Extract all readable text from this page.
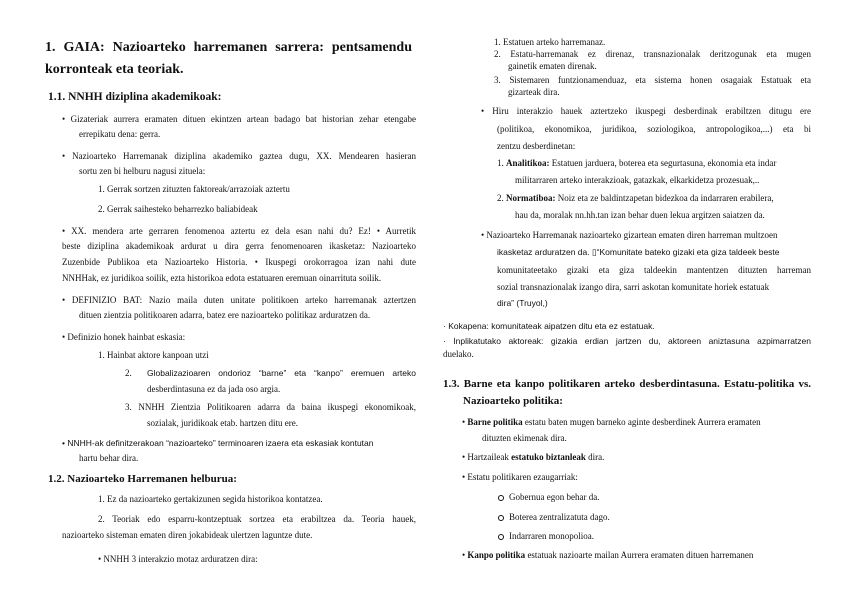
1. GAIA: Nazioarteko harremanen sarrera: pentsamendu
korronteak eta teoriak.
1.1. NNHH diziplina akademikoak:
• Gizateriak aurrera eramaten dituen ekintzen artean badago bat historian zehar etengabe
errepikatu dena: gerra.
• Nazioarteko Harremanak diziplina akademiko gaztea dugu, XX. Mendearen hasieran
sortu zen bi helburu nagusi zituela:
1. Gerrak sortzen zituzten faktoreak/arrazoiak aztertu
2. Gerrak saihesteko beharrezko baliabideak
• XX. mendera arte gerraren fenomenoa aztertu ez dela esan nahi du? Ez! • Aurretik
beste diziplina akademikoak ardurat u dira gerra fenomenoaren ikasketaz: Nazioarteko
Zuzenbide Publikoa eta Nazioarteko Historia. • Ikuspegi orokorragoa izan nahi dute
NNHHak, ez juridikoa soilik, ezta historikoa edota estatuaren eremuan oinarrituta soilik.
• DEFINIZIO BAT: Nazio maila duten unitate politikoen arteko harremanak aztertzen
dituen zientzia politikoaren adarra, batez ere nazioarteko politikaz arduratzen da.
• Definizio honek hainbat eskasia:
1. Hainbat aktore kanpoan utzi
2. Globalizazioaren ondorioz “barne” eta “kanpo” eremuen arteko
desberdintasuna ez da jada oso argia.
3. NNHH Zientzia Politikoaren adarra da baina ikuspegi ekonomikoak,
sozialak, juridikoak etab. hartzen ditu ere.
• NNHH-ak definitzerakoan “nazioarteko” terminoaren izaera eta eskasiak kontutan
hartu behar dira.
1.2. Nazioarteko Harremanen helburua:
1. Ez da nazioarteko gertakizunen segida historikoa kontatzea.
2. Teoriak edo esparru-kontzeptuak sortzea eta erabiltzea da. Teoria hauek,
nazioarteko sisteman ematen diren jokabideak ulertzen laguntze dute.
• NNHH 3 interakzio motaz arduratzen dira:
1. Estatuen arteko harremanaz.
2. Estatu-harremanak ez direnaz, transnazionalak deritzogunak eta mugen
gainetik ematen direnak.
3. Sistemaren funtzionamenduaz, eta sistema honen osagaiak Estatuak eta
gizarteak dira.
• Hiru interakzio hauek aztertzeko ikuspegi desberdinak erabiltzen ditugu ere
(politikoa, ekonomikoa, juridikoa, soziologikoa, antropologikoa,...) eta bi
zentzu desberdinetan:
1. Analitikoa: Estatuen jarduera, boterea eta segurtasuna, ekonomia eta indar
militarraren arteko interakzioak, gatazkak, elkarkidetza prozesuak,..
2. Normatiboa: Noiz eta ze baldintzapetan bidezkoa da indarraren erabilera,
hau da, moralak nn.hh.tan izan behar duen lekua argitzen saiatzen da.
• Nazioarteko Harremanak nazioarteko gizartean ematen diren harreman multzoen
ikasketaz arduratzen da. ▯“Komunitate bateko gizaki eta giza taldeek beste
komunitateetako gizaki eta giza taldeekin mantentzen dituzten harreman
sozial transnazionalak izango dira, sarri askotan komunitate horiek estatuak
dira” (Truyol,)
· Kokapena: komunitateak aipatzen ditu eta ez estatuak.
· Inplikatutako aktoreak: gizakia erdian jartzen du, aktoreen aniztasuna azpimarratzen
duelako.
1.3. Barne eta kanpo politikaren arteko desberdintasuna. Estatu-politika vs.
Nazioarteko politika:
• Barne politika estatu baten mugen barneko aginte desberdinek Aurrera eramaten
dituzten ekimenak dira.
• Hartzaileak estatuko biztanleak dira.
• Estatu politikaren ezaugarriak:
Gobernua egon behar da.
Boterea zentralizatuta dago.
Indarraren monopolioa.
• Kanpo politika estatuak nazioarte mailan Aurrera eramaten dituen harremanen
